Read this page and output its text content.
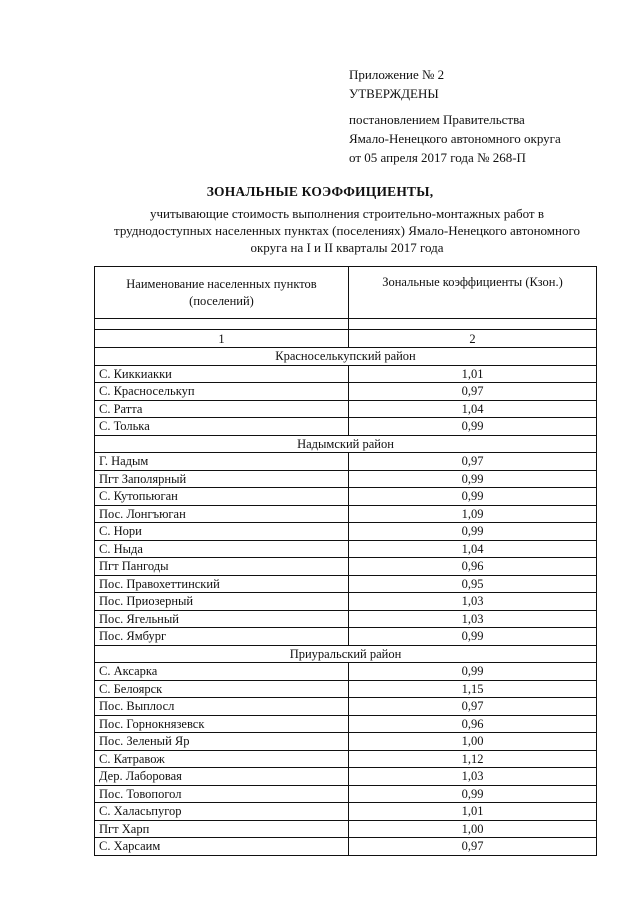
Приложение № 2
УТВЕРЖДЕНЫ
постановлением Правительства
Ямало-Ненецкого автономного округа
от 05 апреля 2017 года № 268-П
ЗОНАЛЬНЫЕ КОЭФФИЦИЕНТЫ,
учитывающие стоимость выполнения строительно-монтажных работ в
труднодоступных населенных пунктах (поселениях) Ямало-Ненецкого автономного
округа на I и II кварталы 2017 года
Наименование населенных пунктов (поселений)	Зональные коэффициенты (Кзон.)

1	2
Красноселькупский район	
С. Киккиакки	1,01
С. Красноселькуп	0,97
С. Ратта	1,04
С. Толька	0,99
Надымский район	
Г. Надым	0,97
Пгт Заполярный	0,99
С. Кутопьюган	0,99
Пос. Лонгъюган	1,09
С. Нори	0,99
С. Ныда	1,04
Пгт Пангоды	0,96
Пос. Правохеттинский	0,95
Пос. Приозерный	1,03
Пос. Ягельный	1,03
Пос. Ямбург	0,99
Приуральский район	
С. Аксарка	0,99
С. Белоярск	1,15
Пос. Выплосл	0,97
Пос. Горнокнязевск	0,96
Пос. Зеленый Яр	1,00
С. Катравож	1,12
Дер. Лаборовая	1,03
Пос. Товопогол	0,99
С. Халасьпугор	1,01
Пгт Харп	1,00
С. Харсаим	0,97
